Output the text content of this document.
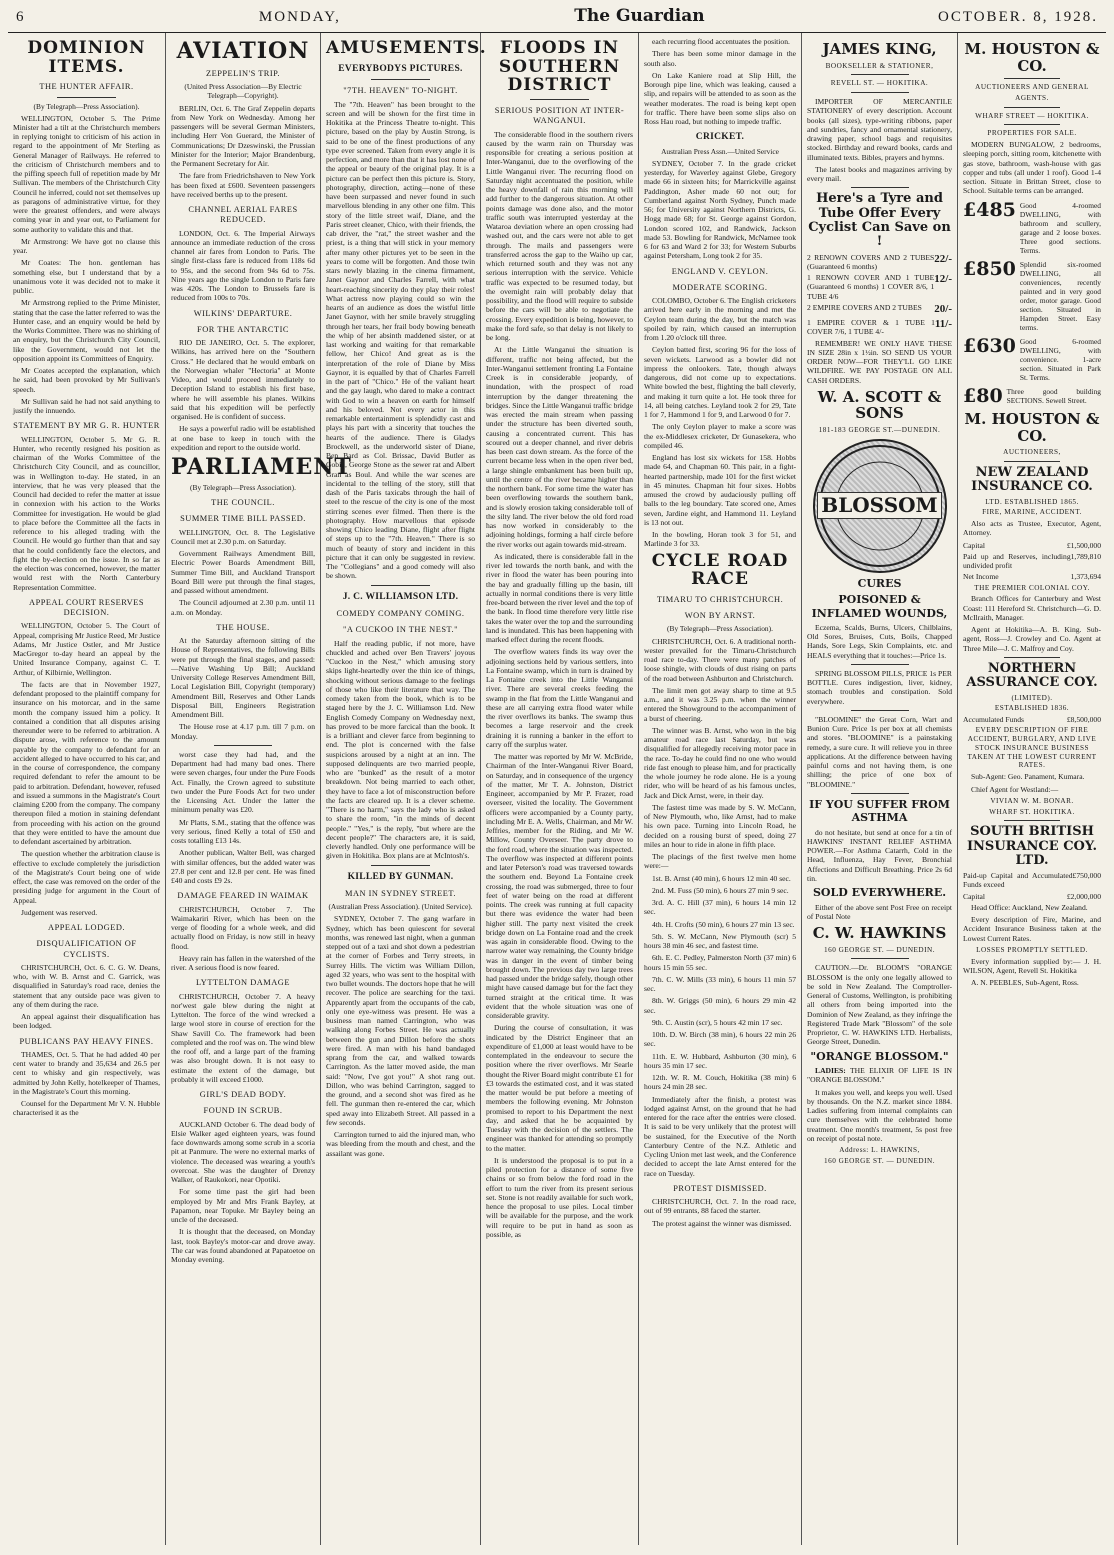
6	MONDAY,	The Guardian	OCTOBER. 8, 1928.
DOMINION ITEMS.
THE HUNTER AFFAIR.
(By Telegraph—Press Association).

WELLINGTON, October 5. The Prime Minister had a tilt at the Christchurch members in replying tonight to criticism of his action in regard to the appointment of Mr Sterling as General Manager of Railways. He referred to the criticism of Christchurch members and to the piffing speech full of repetition made by Mr Sullivan. The members of the Christchurch City Council he inferred, could not set themselves up as paragons of administrative virtue, for they were the greatest offenders, and were always coming year in and year out, to Parliament for some authority to validate this and that.

Mr Armstrong: We have got no clause this year.

Mr Coates: The hon. gentleman has something else, but I understand that by a unanimous vote it was decided not to make it public.

Mr Armstrong replied to the Prime Minister, stating that the case the latter referred to was the Hunter case, and an enquiry would be held by the Works Committee. There was no shirking of an enquiry, but the Christchurch City Council, like the Government, would not let the opposition appoint its Committees of Enquiry.

Mr Coates accepted the explanation, which he said, had been provoked by Mr Sullivan's speech.

Mr Sullivan said he had not said anything to justify the innuendo.

STATEMENT BY MR G. R. HUNTER

WELLINGTON, October 5. Mr G. R. Hunter, who recently resigned his position as chairman of the Works Committee of the Christchurch City Council, and as councillor, was in Wellington to-day. He stated, in an interview, that he was very pleased that the Council had decided to refer the matter at issue in connexion with his action to the Works Committee for investigation. He would be glad to place before the Committee all the facts in reference to his alleged trading with the Council. He would go further than that and say that he could confidently face the electors, and fight the by-election on the issue. In so far as the election was concerned, however, the matter would rest with the North Canterbury Representation Committee.

APPEAL COURT RESERVES DECISION.

WELLINGTON, October 5. The Court of Appeal, comprising Mr Justice Reed, Mr Justice Adams, Mr Justice Ostler, and Mr Justice MacGregor to-day heard an appeal by the United Insurance Company, against C. T. Arthur, of Kilbirnie, Wellington.

The facts are that in November 1927, defendant proposed to the plaintiff company for insurance on his motorcar, and in the same month the company issued him a policy. It contained a condition that all disputes arising thereunder were to be referred to arbitration. A dispute arose, with reference to the amount payable by the company to defendant for an accident alleged to have occurred to his car, and in the course of correspondence, the company required defendant to refer the amount to be paid to arbitration. Defendant, however, refused and issued a summons in the Magistrate's Court claiming £200 from the company. The company thereupon filed a motion in staining defendant from proceeding with his action on the ground that they were entitled to have the amount due to defendant ascertained by arbitration.

The question whether the arbitration clause is effective to exclude completely the jurisdiction of the Magistrate's Court being one of wide effect, the case was removed on the order of the presiding judge for argument in the Court of Appeal.

Judgement was reserved.

APPEAL LODGED.
DISQUALIFICATION OF CYCLISTS.

CHRISTCHURCH, Oct. 6. C. G. W. Deans, who, with W. B. Arnst and C. Garrick, was disqualified in Saturday's road race, denies the statement that any outside pace was given to any of them during the race.

An appeal against their disqualification has been lodged.

PUBLICANS PAY HEAVY FINES.

THAMES, Oct. 5. That he had added 40 per cent water to brandy and 35,634 and 26.5 per cent to whisky and gin respectively, was admitted by John Kelly, hotelkeeper of Thames, in the Magistrate's Court this morning.

Counsel for the Department Mr V. N. Hubble characterised it as the

AVIATION
ZEPPELIN'S TRIP.
(United Press Association—By Electric Telegraph—Copyright).

BERLIN, Oct. 6. The Graf Zeppelin departs from New York on Wednesday. Among her passengers will be several German Ministers, including Herr Von Guerard, the Minister of Communications; Dr Dzeswinski, the Prussian Minister for the Interior; Major Brandenburg, the Permanent Secretary for Air.

The fare from Friedrichshaven to New York has been fixed at £600. Seventeen passengers have received berths up to the present.

CHANNEL AERIAL FARES REDUCED.

LONDON, Oct. 6. The Imperial Airways announce an immediate reduction of the cross channel air fares from London to Paris. The single first-class fare is reduced from 118s 6d to 95s, and the second from 94s 6d to 75s. Nine years ago the single London to Paris fare was 420s. The London to Brussels fare is reduced from 100s to 70s.

WILKINS' DEPARTURE.
FOR THE ANTARCTIC

RIO DE JANEIRO, Oct. 5. The explorer, Wilkins, has arrived here on the "Southern Cross." He declared that he would embark on the Norwegian whaler "Hectoria" at Monte Video, and would proceed immediately to Deception Island to establish his first base, where he will assemble his planes. Wilkins said that his expedition will be perfectly organised. He is confident of success.

He says a powerful radio will be established at one base to keep in touch with the expedition and report to the outside world.

PARLIAMENT
(By Telegraph—Press Association).
THE COUNCIL.
SUMMER TIME BILL PASSED.

WELLINGTON, Oct. 8. The Legislative Council met at 2.30 p.m. on Saturday.

Government Railways Amendment Bill, Electric Power Boards Amendment Bill, Summer Time Bill, and Auckland Transport Board Bill were put through the final stages, and passed without amendment.

The Council adjourned at 2.30 p.m. until 11 a.m. on Monday.

THE HOUSE.

At the Saturday afternoon sitting of the House of Representatives, the following Bills were put through the final stages, and passed:—Native Washing Up Bill; Auckland University College Reserves Amendment Bill, Local Legislation Bill, Copyright (temporary) Amendment Bill, Reserves and Other Lands Disposal Bill, Engineers Registration Amendment Bill.

The House rose at 4.17 p.m. till 7 p.m. on Monday.

worst case they had had, and the Department had had many bad ones. There were seven charges, four under the Pure Foods Act. Finally, the Crown agreed to substitute two under the Pure Foods Act for two under the Licensing Act. Under the latter the minimum penalty was £20.

Mr Platts, S.M., stating that the offence was very serious, fined Kelly a total of £50 and costs totalling £13 14s.

Another publican, Walter Bell, was charged with similar offences, but the added water was 27.8 per cent and 12.8 per cent. He was fined £40 and costs £9 2s.

DAMAGE FEARED IN WAIMAK

CHRISTCHURCH, October 7. The Waimakariri River, which has been on the verge of flooding for a whole week, and did actually flood on Friday, is now still in heavy flood.

Heavy rain has fallen in the watershed of the river. A serious flood is now feared.

LYTTELTON DAMAGE

CHRISTCHURCH, October 7. A heavy nor'west gale blew during the night at Lyttelton. The force of the wind wrecked a large wool store in course of erection for the Shaw Savill Co. The framework had been completed and the roof was on. The wind blew the roof off, and a large part of the framing was also brought down. It is not easy to estimate the extent of the damage, but probably it will exceed £1000.

GIRL'S DEAD BODY.
FOUND IN SCRUB.

AUCKLAND October 6. The dead body of Elsie Walker aged eighteen years, was found face downwards among some scrub in a scoria pit at Panmure. The were no external marks of violence. The deceased was wearing a youth's overcoat. She was the daughter of Drenzy Walker, of Raukokori, near Opotiki.

For some time past the girl had been employed by Mr and Mrs Frank Bayley, at Papamon, near Topuke. Mr Bayley being an uncle of the deceased.

It is thought that the deceased, on Monday last, took Bayley's motor-car and drove away. The car was found abandoned at Papatoetoe on Monday evening.

AMUSEMENTS.
EVERYBODYS PICTURES.
"7TH. HEAVEN" TO-NIGHT.

The "7th. Heaven" has been brought to the screen and will be shown for the first time in Hokitika at the Princess Theatre to-night. This picture, based on the play by Austin Strong, is said to be one of the finest productions of any type ever screened. Taken from every angle it is perfection, and more than that it has lost none of the appeal or beauty of the original play. It is a picture can be perfect then this picture is. Story, photography, direction, acting—none of these have been surpassed and never found in such marvellous blending in any other one film. This story of the little street waif, Diane, and the Paris street cleaner, Chico, with their friends, the cab driver, the "rat," the street washer and the priest, is a thing that will stick in your memory after many other pictures yet to be seen in the years to come will be forgotten. And those twin stars newly blazing in the cinema firmament, Janet Gaynor and Charles Farrell, with what heart-reaching sincerity do they play their roles! What actress now playing could so win the hearts of an audience as does the wistful little Janet Gaynor, with her smile bravely struggling through her tears, her frail body bowing beneath the whip of her absinth maddened sister, or at last working and waiting for that remarkable fellow, her Chico! And great as is the interpretation of the role of Diane by Miss Gaynor, it is equalled by that of Charles Farrell in the part of "Chico." He of the valiant heart and the gay laugh, who dared to make a contract with God to win a heaven on earth for himself and his beloved. Not every actor in this remarkable entertainment is splendidly cast and plays his part with a sincerity that touches the hearts of the audience. There is Gladys Brockwell, as the underworld sister of Diane, Ben Bard as Col. Brissac, David Butler as Gobin, George Stone as the sewer rat and Albert Gran as Boul. And while the war scenes are incidental to the telling of the story, still that dash of the Paris taxicabs through the hail of steel to the rescue of the city is one of the most stirring scenes ever filmed. Then there is the photography. How marvellous that episode showing Chico leading Diane, flight after flight of steps up to the "7th. Heaven." There is so much of beauty of story and incident in this picture that it can only be suggested in review. The "Collegians" and a good comedy will also be shown.

J. C. WILLIAMSON LTD.
COMEDY COMPANY COMING.
"A CUCKOO IN THE NEST."

Half the reading public, if not more, have chuckled and ached over Ben Travers' joyous "Cuckoo in the Nest," which amusing story skips light-heartedly over the thin ice of things, shocking without serious damage to the feelings of those who like their literature that way. The comedy taken from the book, which is to be staged here by the J. C. Williamson Ltd. New English Comedy Company on Wednesday next, has proved to be more farcical than the book. It is a brilliant and clever farce from beginning to end. The plot is concerned with the false suspicions aroused by a night at an inn. The supposed delinquents are two married people, who are "bunked" as the result of a motor breakdown. Not being married to each other, they have to face a lot of misconstruction before the facts are cleared up. It is a clever scheme. "There is no harm," says the lady who is asked to share the room, "in the minds of decent people." "Yes," is the reply, "but where are the decent people?" The characters are, it is said, cleverly handled. Only one performance will be given in Hokitika. Box plans are at McIntosh's.

KILLED BY GUNMAN.
MAN IN SYDNEY STREET.
(Australian Press Association). (United Service).

SYDNEY, October 7. The gang warfare in Sydney, which has been quiescent for several months, was renewed last night, when a gunman stepped out of a taxi and shot down a pedestrian at the corner of Forbes and Terry streets, in Surrey Hills. The victim was William Dillon, aged 32 years, who was sent to the hospital with two bullet wounds. The doctors hope that he will recover. The police are searching for the taxi. Apparently apart from the occupants of the cab, only one eye-witness was present. He was a business man named Carrington, who was walking along Forbes Street. He was actually between the gun and Dillon before the shots were fired. A man with his hand bandaged sprang from the car, and walked towards Carrington. As the latter moved aside, the man said: "Now, I've got you!" A shot rang out. Dillon, who was behind Carrington, sagged to the ground, and a second shot was fired as he fell. The gunman then re-entered the car, which sped away into Elizabeth Street. All passed in a few seconds.

Carrington turned to aid the injured man, who was bleeding from the mouth and chest, and the assailant was gone.

FLOODS IN SOUTHERN DISTRICT
SERIOUS POSITION AT INTER-WANGANUI.

The considerable flood in the southern rivers caused by the warm rain on Thursday was responsible for creating a serious position at Inter-Wanganui, due to the overflowing of the Little Wanganui river. The recurring flood on Saturday night accentuated the position, while the heavy downfall of rain this morning will add further to the dangerous situation. At other points damage was done also, and the motor traffic south was interrupted yesterday at the Wataroa deviation where an open crossing had washed out, and the cars were not able to get through. The mails and passengers were transferred across the gap to the Waiho up car, which returned south and they was not any serious interruption with the service. Vehicle traffic was expected to be resumed today, but the overnight rain will probably delay that possibility, and the flood will require to subside before the cars will be able to negotiate the crossing. Every expedition is being, however, to make the ford safe, so that delay is not likely to be long.

At the Little Wanganui the situation is different, traffic not being affected, but the Inter-Wanganui settlement fronting La Fontaine Creek is in considerable jeopardy, of inundation, with the prospect of road interruption by the danger threatening the bridges. Since the Little Wanganui traffic bridge was erected the main stream when passing under the structure has been diverted south, causing a concentrated current. This has scoured out a deeper channel, and river debris has been cast down stream. As the force of the current became less when in the open river bed, a large shingle embankment has been built up, until the centre of the river became higher than the northern bank. For some time the water has been overflowing towards the southern bank, and is slowly erosion taking considerable toll of the silty land. The river below the old ford road has now worked in considerably to the adjoining holdings, forming a half circle before the river works out again towards mid-stream.

As indicated, there is considerable fall in the river led towards the north bank, and with the river in flood the water has been pouring into the bay and gradually filling up the basin, till actually in normal conditions there is very little free-board between the river level and the top of the bank. In flood time therefore very little rise takes the water over the top and the surrounding land is inundated. This has been happening with marked effect during the recent floods.

The overflow waters finds its way over the adjoining sections held by various settlers, into La Fontaine swamp, which in turn is drained by La Fontaine creek into the Little Wanganui river. There are several creeks feeding the swamp in the flat from the Little Wanganui and these are all carrying extra flood water while the river overflows its banks. The swamp thus becomes a large reservoir and the creek draining it is running a banker in the effort to carry off the surplus water.

The matter was reported by Mr W. McBride, Chairman of the Inter-Wanganui River Board, on Saturday, and in consequence of the urgency of the matter, Mr T. A. Johnston, District Engineer, accompanied by Mr P. Frazer, road overseer, visited the locality. The Government officers were accompanied by a County party, including Mr E. A. Wells, Chairman, and Mr W. Jeffries, member for the Riding, and Mr W. Millow, County Overseer. The party drove to the ford road, where the situation was inspected. The overflow was inspected at different points and later Peterson's road was traversed towards the southern end. Beyond La Fontaine creek crossing, the road was submerged, three to four feet of water being on the road at different points. The creek was running at full capacity but there was evidence the water had been higher still. The party next visited the creek bridge down on La Fontaine road and the creek was again in considerable flood. Owing to the narrow water way remaining, the County bridge was in danger in the event of timber being brought down. The previous day two large trees had passed under the bridge safely, though other might have caused damage but for the fact they turned straight at the critical time. It was evident that the whole situation was one of considerable gravity.

During the course of consultation, it was indicated by the District Engineer that an expenditure of £1,000 at least would have to be contemplated in the endeavour to secure the position where the river overflows. Mr Searle thought the River Board might contribute £1 for £3 towards the estimated cost, and it was stated the matter would be put before a meeting of members the following evening. Mr Johnston promised to report to his Department the next day, and asked that he be acquainted by Tuesday with the decision of the settlers. The engineer was thanked for attending so promptly to the matter.

It is understood the proposal is to put in a piled protection for a distance of some five chains or so from below the ford road in the effort to turn the river from its present serious set. Stone is not readily available for such work, hence the proposal to use piles. Local timber will be available for the purpose, and the work will require to be put in hand as soon as possible, as

each recurring flood accentuates the position.

There has been some minor damage in the south also.

On Lake Kaniere road at Slip Hill, the Borough pipe line, which was leaking, caused a slip, and repairs will be attended to as soon as the weather moderates. The road is being kept open for traffic. There have been some slips also on Ross Hau road, but nothing to impede traffic.

CRICKET.
Australian Press Assn.—United Service

SYDNEY, October 7. In the grade cricket yesterday, for Waverley against Glebe, Gregory made 66 in sixteen hits; for Marrickville against Paddington, Asher made 60 not out; for Cumberland against North Sydney, Punch made 56; for University against Northern Districts, G. Hogg made 68; for St. George against Gordon, London scored 102, and Randwick, Jackson made 53. Bowling for Randwick, McNamee took 6 for 63 and Ward 2 for 33; for Western Suburbs against Petersham, Long took 2 for 35.

ENGLAND V. CEYLON.
MODERATE SCORING.

COLOMBO, October 6. The English cricketers arrived here early in the morning and met the Ceylon team during the day, but the match was spoiled by rain, which caused an interruption from 1.20 o'clock till three.

Ceylon batted first, scoring 96 for the loss of seven wickets. Larwood as a bowler did not impress the onlookers. Tate, though always dangerous, did not come up to expectations. White bowled the best, flighting the ball cleverly, and making it turn quite a lot. He took three for 14, all being catches. Leyland took 2 for 29, Tate 1 for 7, Hammond 1 for 9, and Larwood 0 for 7.

The only Ceylon player to make a score was the ex-Middlesex cricketer, Dr Gunasekera, who compiled 46.

England has lost six wickets for 158. Hobbs made 64, and Chapman 60. This pair, in a fight-hearted partnership, made 101 for the first wicket in 45 minutes. Chapman hit four sixes. Hobbs amused the crowd by audaciously pulling off balls to the leg boundary. Tate scored one, Ames seven, Jardine eight, and Hammond 11. Leyland is 13 not out.

In the bowling, Horan took 3 for 51, and Marlinde 3 for 33.

CYCLE ROAD RACE
TIMARU TO CHRISTCHURCH.
WON BY ARNST.
(By Telegraph—Press Association).

CHRISTCHURCH, Oct. 6. A traditional north-wester prevailed for the Timaru-Christchurch road race to-day. There were many patches of loose shingle, with clouds of dust rising on parts of the road between Ashburton and Christchurch.

The limit men got away sharp to time at 9.5 a.m., and it was 3.25 p.m. when the winner entered the Showground to the accompaniment of a burst of cheering.

The winner was B. Arnst, who won in the big amateur road race last Saturday, but was disqualified for allegedly receiving motor pace in the race. To-day he could find no one who would ride fast enough to please him, and for practically the whole journey he rode alone. He is a young rider, who will be heard of as his famous uncles, Jack and Dick Arnst, were, in their day.

The fastest time was made by S. W. McCann, of New Plymouth, who, like Arnst, had to make his own pace. Turning into Lincoln Road, he decided on a rousing burst of speed, doing 27 miles an hour to ride in alone in fifth place.

The placings of the first twelve men home were:—

1st. B. Arnst (40 min), 6 hours 12 min 40 sec.

2nd. M. Fuss (50 min), 6 hours 27 min 9 sec.

3rd. A. C. Hill (37 min), 6 hours 14 min 12 sec.

4th. H. Crofts (50 min), 6 hours 27 min 13 sec.

5th. S. W. McCann, New Plymouth (scr) 5 hours 38 min 46 sec, and fastest time.

6th. E. C. Pedley, Palmerston North (37 min) 6 hours 15 min 55 sec.

7th. C. W. Mills (33 min), 6 hours 11 min 57 sec.

8th. W. Griggs (50 min), 6 hours 29 min 42 sec.

9th. C. Austin (scr), 5 hours 42 min 17 sec.

10th. D. W. Birch (38 min), 6 hours 22 min 26 sec.

11th. E. W. Hubbard, Ashburton (30 min), 6 hours 35 min 17 sec.

12th. W. R. M. Couch, Hokitika (38 min) 6 hours 24 min 28 sec.

Immediately after the finish, a protest was lodged against Arnst, on the ground that he had entered for the race after the entries were closed. It is said to be very unlikely that the protest will be sustained, for the Executive of the North Canterbury Centre of the N.Z. Athletic and Cycling Union met last week, and the Conference decided to accept the late Arnst entered for the race on Tuesday.

PROTEST DISMISSED.

CHRISTCHURCH, Oct. 7. In the road race, out of 99 entrants, 88 faced the starter.

The protest against the winner was dismissed.

JAMES KING,
BOOKSELLER & STATIONER,
REVELL ST. — HOKITIKA.

IMPORTER OF MERCANTILE STATIONERY of every description. Account books (all sizes), type-writing ribbons, paper and sundries, fancy and ornamental stationery, drawing paper, school bags and requisites stocked. Birthday and reward books, cards and illuminated texts. Bibles, prayers and hymns.

The latest books and magazines arriving by every mail.

Here's a Tyre and Tube Offer Every Cyclist Can Save on !
2 RENOWN COVERS AND 2 TUBES (Guaranteed 6 months)
22/-
1 RENOWN COVER AND 1 TUBE (Guaranteed 6 months) 1 COVER 8/6, 1 TUBE 4/6
12/-
2 EMPIRE COVERS AND 2 TUBES 20/-
1 EMPIRE COVER & 1 TUBE 1 COVER 7/6, 1 TUBE 4/-
11/-

REMEMBER! WE ONLY HAVE THESE IN SIZE 28in x 1½in. SO SEND US YOUR ORDER NOW—FOR THEY'LL GO LIKE WILDFIRE. WE PAY POSTAGE ON ALL CASH ORDERS.

W. A. SCOTT & SONS
181-183 GEORGE ST.—DUNEDIN.
BLOSSOM
CURES
POISONED & INFLAMED WOUNDS,

Eczema, Scalds, Burns, Ulcers, Chilblains, Old Sores, Bruises, Cuts, Boils, Chapped Hands, Sore Legs, Skin Complaints, etc. and HEALS everything that it touches:—Price 1s.

SPRING BLOSSOM PILLS, PRICE 1s PER BOTTLE. Cures indigestion, liver, kidney, stomach troubles and constipation. Sold everywhere.

"BLOOMINE" the Great Corn, Wart and Bunion Cure. Price 1s per box at all chemists and stores. "BLOOMINE" is a painstaking remedy, a sure cure. It will relieve you in three applications. At the difference between having painful corns and not having them, is one shilling; the price of one box of "BLOOMINE."

IF YOU SUFFER FROM ASTHMA

do not hesitate, but send at once for a tin of HAWKINS' INSTANT RELIEF ASTHMA POWER.—For Asthma Catarrh, Cold in the Head, Influenza, Hay Fever, Bronchial Affections and Difficult Breathing. Price 2s 6d tin.

SOLD EVERYWHERE.

Either of the above sent Post Free on receipt of Postal Note

C. W. HAWKINS
160 GEORGE ST. — DUNEDIN.

CAUTION.—Dr. BLOOM'S "ORANGE BLOSSOM is the only one legally allowed to be sold in New Zealand. The Comptroller-General of Customs, Wellington, is prohibiting all others from being imported into the Dominion of New Zealand, as they infringe the Registered Trade Mark "Blossom" of the sole Proprietor, C. W. HAWKINS LTD. Herbalists, George Street, Dunedin.

"ORANGE BLOSSOM."

LADIES: THE ELIXIR OF LIFE IS IN "ORANGE BLOSSOM."

It makes you well, and keeps you well. Used by thousands. On the N.Z. market since 1884. Ladies suffering from internal complaints can cure themselves with the celebrated home treatment. One month's treatment, 5s post free on receipt of postal note.

Address: L. HAWKINS,
160 GEORGE ST. — DUNEDIN.
M. HOUSTON & CO.
AUCTIONEERS AND GENERAL
AGENTS.
WHARF STREET — HOKITIKA.
PROPERTIES FOR SALE.

MODERN BUNGALOW, 2 bedrooms, sleeping porch, sitting room, kitchenette with gas stove, bathroom, wash-house with gas copper and tubs (all under 1 roof). Good 1-4 section. Situate in Brittan Street, close to School. Suitable terms can be arranged.

£485 Good 4-roomed DWELLING, with bathroom and scullery, garage and 2 loose boxes. Three good sections. Terms.
£850 Splendid six-roomed DWELLING, all conveniences, recently painted and in very good order, motor garage. Good section. Situated in Hampden Street. Easy terms.
£630 Good 6-roomed DWELLING, with convenience. 1-acre section. Situated in Park St. Terms.
£80 Three good building SECTIONS. Sewell Street.
M. HOUSTON & CO.
AUCTIONEERS,
NEW ZEALAND INSURANCE CO.
LTD. ESTABLISHED 1865.
FIRE, MARINE, ACCIDENT.

Also acts as Trustee, Executor, Agent, Attorney.

Capital	£1,500,000
Paid up and Reserves, including undivided profit
1,789,810
Net Income	1,373,694
THE PREMIER COLONIAL COY.

Branch Offices for Canterbury and West Coast: 111 Hereford St. Christchurch—G. D. McIlraith, Manager.

Agent at Hokitika—A. B. King. Sub-agent, Ross—J. Crowley and Co. Agent at Three Mile—J. C. Malfroy and Coy.

NORTHERN ASSURANCE COY.
(LIMITED).
ESTABLISHED 1836.
Accumulated Funds	£8,500,000
EVERY DESCRIPTION OF FIRE ACCIDENT, BURGLARY, AND LIVE STOCK INSURANCE BUSINESS TAKEN AT THE LOWEST CURRENT RATES.

Sub-Agent: Geo. Panament, Kumara.

Chief Agent for Westland:—

VIVIAN W. M. BONAR.
WHARF ST. HOKITIKA.
SOUTH BRITISH INSURANCE COY. LTD.
Paid-up Capital and Accumulated Funds exceed
£750,000
Capital	£2,000,000

Head Office: Auckland, New Zealand.

Every description of Fire, Marine, and Accident Insurance Business taken at the Lowest Current Rates.

LOSSES PROMPTLY SETTLED.

Every information supplied by:— J. H. WILSON, Agent, Revell St. Hokitika

A. N. PEEBLES, Sub-Agent, Ross.
